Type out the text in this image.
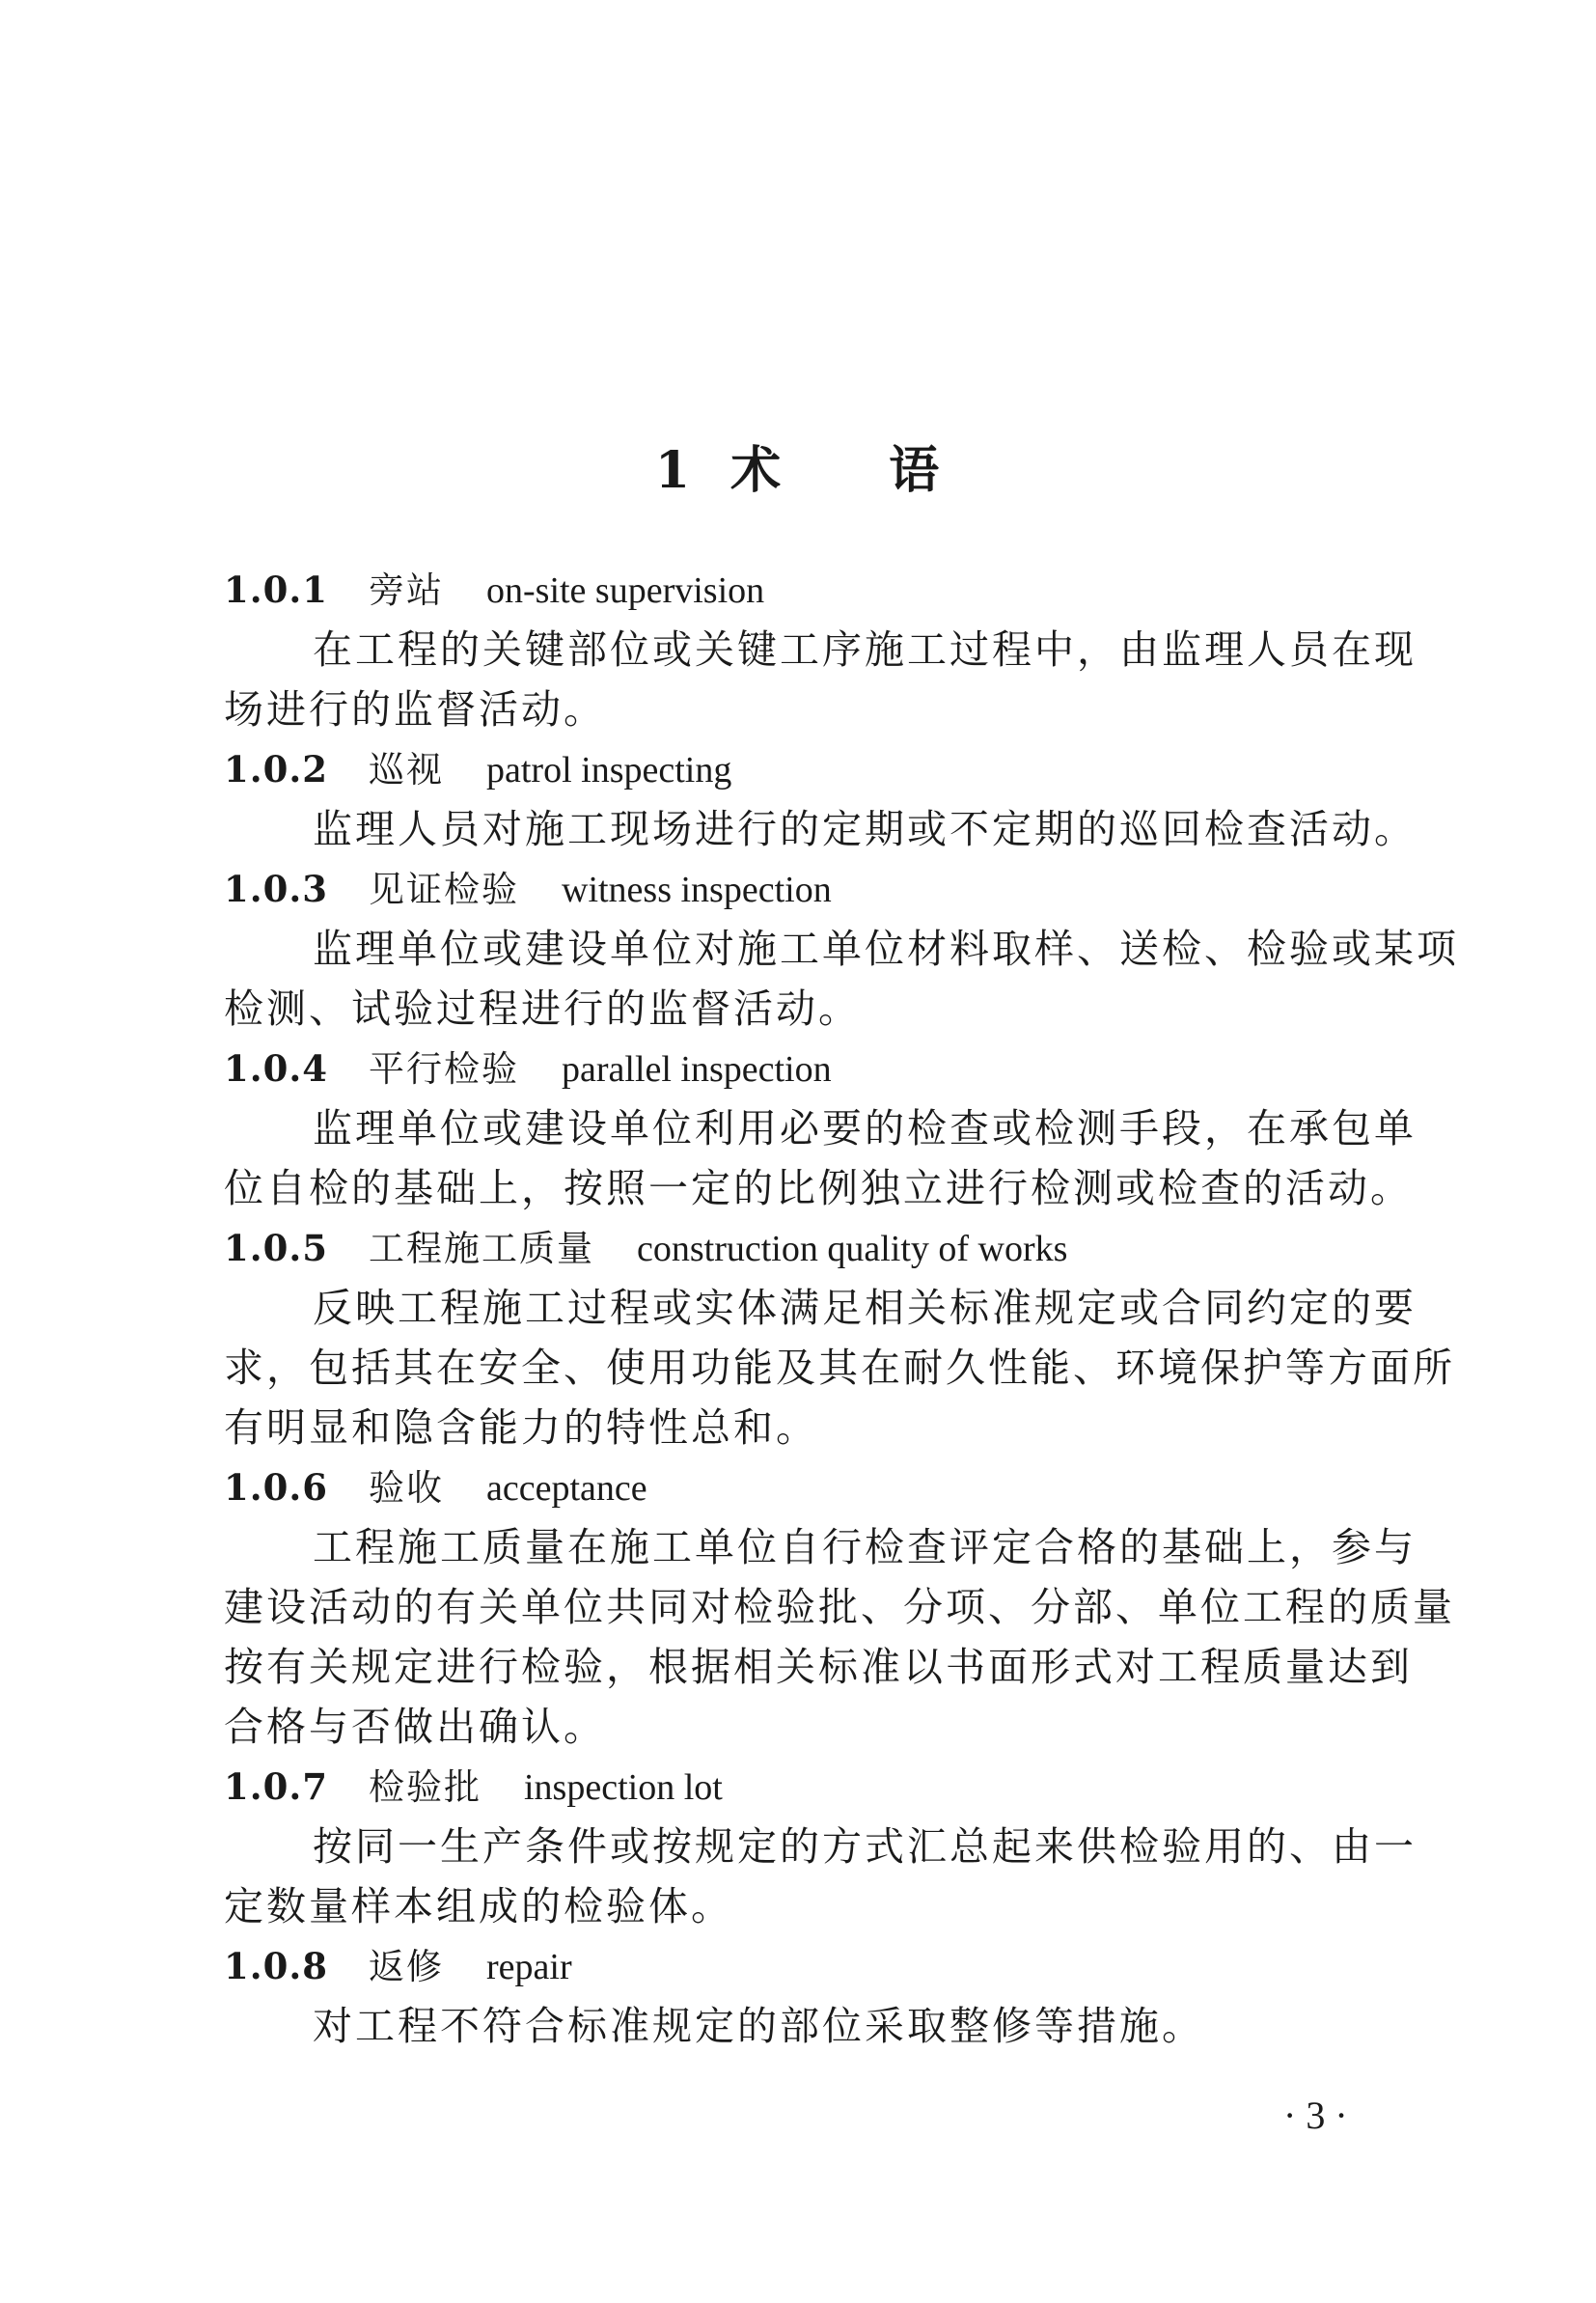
1 术 语
1.0.1 旁站 on-site supervision

在工程的关键部位或关键工序施工过程中，由监理人员在现
场进行的监督活动。

1.0.2 巡视 patrol inspecting

监理人员对施工现场进行的定期或不定期的巡回检查活动。

1.0.3 见证检验 witness inspection

监理单位或建设单位对施工单位材料取样、送检、检验或某项
检测、试验过程进行的监督活动。

1.0.4 平行检验 parallel inspection

监理单位或建设单位利用必要的检查或检测手段，在承包单
位自检的基础上，按照一定的比例独立进行检测或检查的活动。

1.0.5 工程施工质量 construction quality of works

反映工程施工过程或实体满足相关标准规定或合同约定的要
求，包括其在安全、使用功能及其在耐久性能、环境保护等方面所
有明显和隐含能力的特性总和。

1.0.6 验收 acceptance

工程施工质量在施工单位自行检查评定合格的基础上，参与
建设活动的有关单位共同对检验批、分项、分部、单位工程的质量
按有关规定进行检验，根据相关标准以书面形式对工程质量达到
合格与否做出确认。

1.0.7 检验批 inspection lot

按同一生产条件或按规定的方式汇总起来供检验用的、由一
定数量样本组成的检验体。

1.0.8 返修 repair

对工程不符合标准规定的部位采取整修等措施。

· 3 ·
